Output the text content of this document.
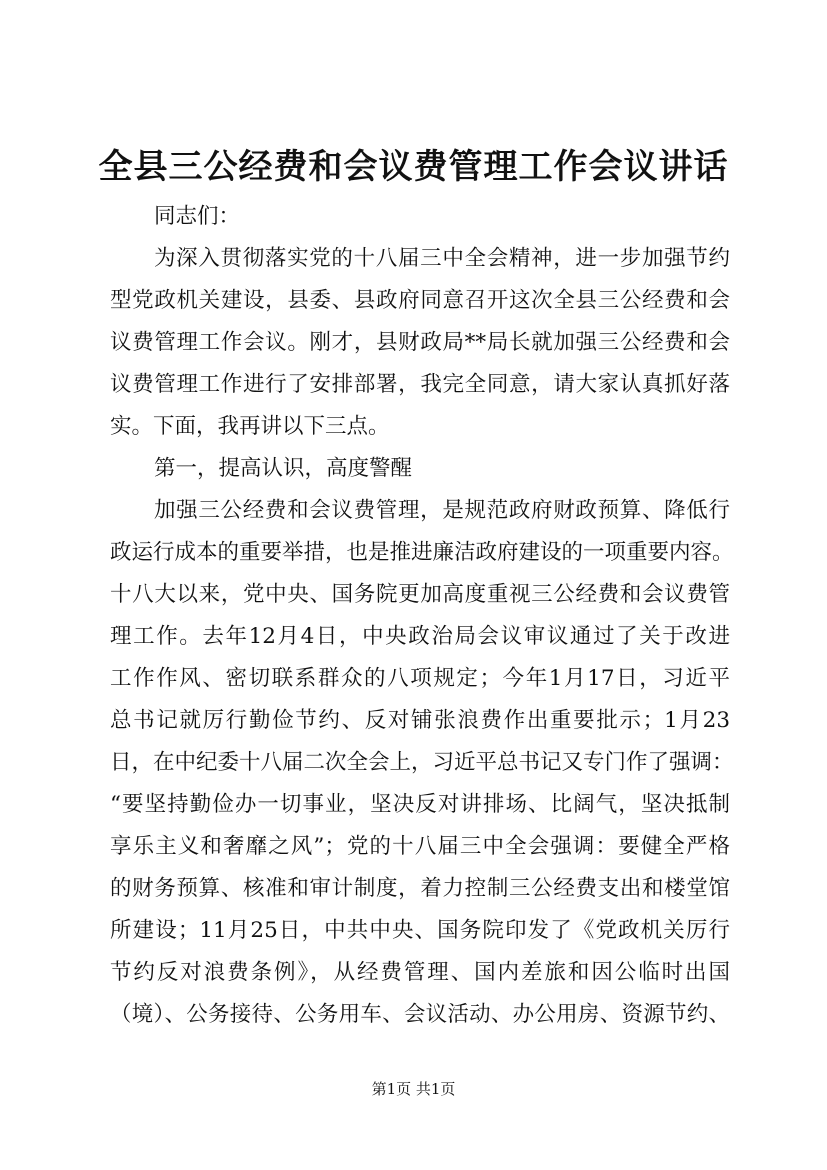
全县三公经费和会议费管理工作会议讲话
同志们：
为深入贯彻落实党的十八届三中全会精神，进一步加强节约
型党政机关建设，县委、县政府同意召开这次全县三公经费和会
议费管理工作会议。刚才，县财政局**局长就加强三公经费和会
议费管理工作进行了安排部署，我完全同意，请大家认真抓好落
实。下面，我再讲以下三点。
第一，提高认识，高度警醒
加强三公经费和会议费管理，是规范政府财政预算、降低行
政运行成本的重要举措，也是推进廉洁政府建设的一项重要内容。
十八大以来，党中央、国务院更加高度重视三公经费和会议费管
理工作。去年12月4日，中央政治局会议审议通过了关于改进
工作作风、密切联系群众的八项规定；今年1月17日，习近平
总书记就厉行勤俭节约、反对铺张浪费作出重要批示；1月23
日，在中纪委十八届二次全会上，习近平总书记又专门作了强调：
“要坚持勤俭办一切事业，坚决反对讲排场、比阔气，坚决抵制
享乐主义和奢靡之风”；党的十八届三中全会强调：要健全严格
的财务预算、核准和审计制度，着力控制三公经费支出和楼堂馆
所建设；11月25日，中共中央、国务院印发了《党政机关厉行
节约反对浪费条例》，从经费管理、国内差旅和因公临时出国
（境）、公务接待、公务用车、会议活动、办公用房、资源节约、
第1页 共1页
